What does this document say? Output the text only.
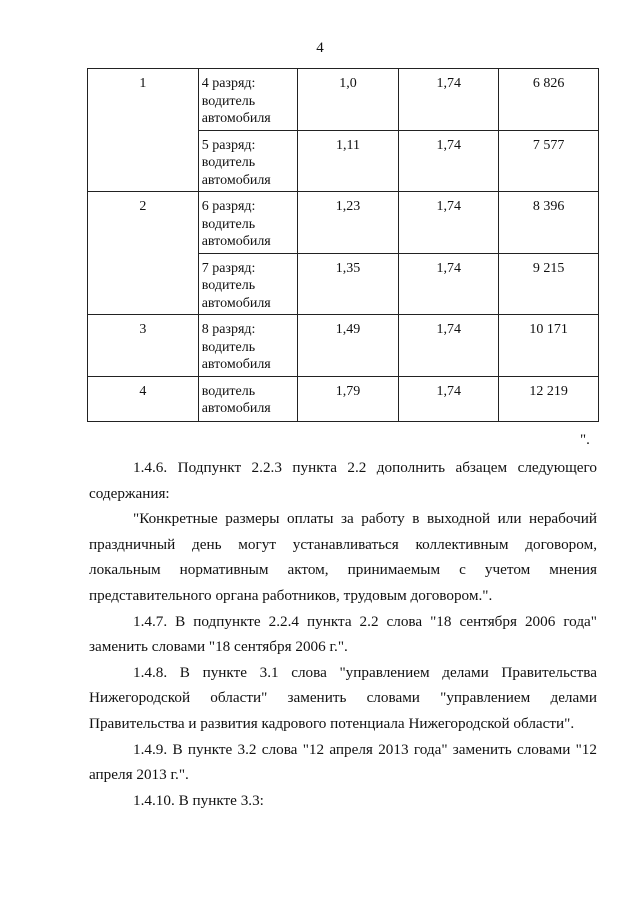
4
1	4 разряд:
водитель
автомобиля	1,0	1,74	6 826

	5 разряд:
водитель
автомобиля	1,11	1,74	7 577
2	6 разряд:
водитель
автомобиля	1,23	1,74	8 396

	7 разряд:
водитель
автомобиля	1,35	1,74	9 215
3	8 разряд:
водитель
автомобиля	1,49	1,74	10 171
4	водитель
автомобиля	1,79	1,74	12 219
".

1.4.6. Подпункт 2.2.3 пункта 2.2 дополнить абзацем следующего содержания:

"Конкретные размеры оплаты за работу в выходной или нерабочий праздничный день могут устанавливаться коллективным договором, локальным нормативным актом, принимаемым с учетом мнения представительного органа работников, трудовым договором.".

1.4.7. В подпункте 2.2.4 пункта 2.2 слова "18 сентября 2006 года" заменить словами "18 сентября 2006 г.".

1.4.8. В пункте 3.1 слова "управлением делами Правительства Нижегородской области" заменить словами "управлением делами Правительства и развития кадрового потенциала Нижегородской области".

1.4.9. В пункте 3.2 слова "12 апреля 2013 года" заменить словами "12 апреля 2013 г.".

1.4.10. В пункте 3.3:
